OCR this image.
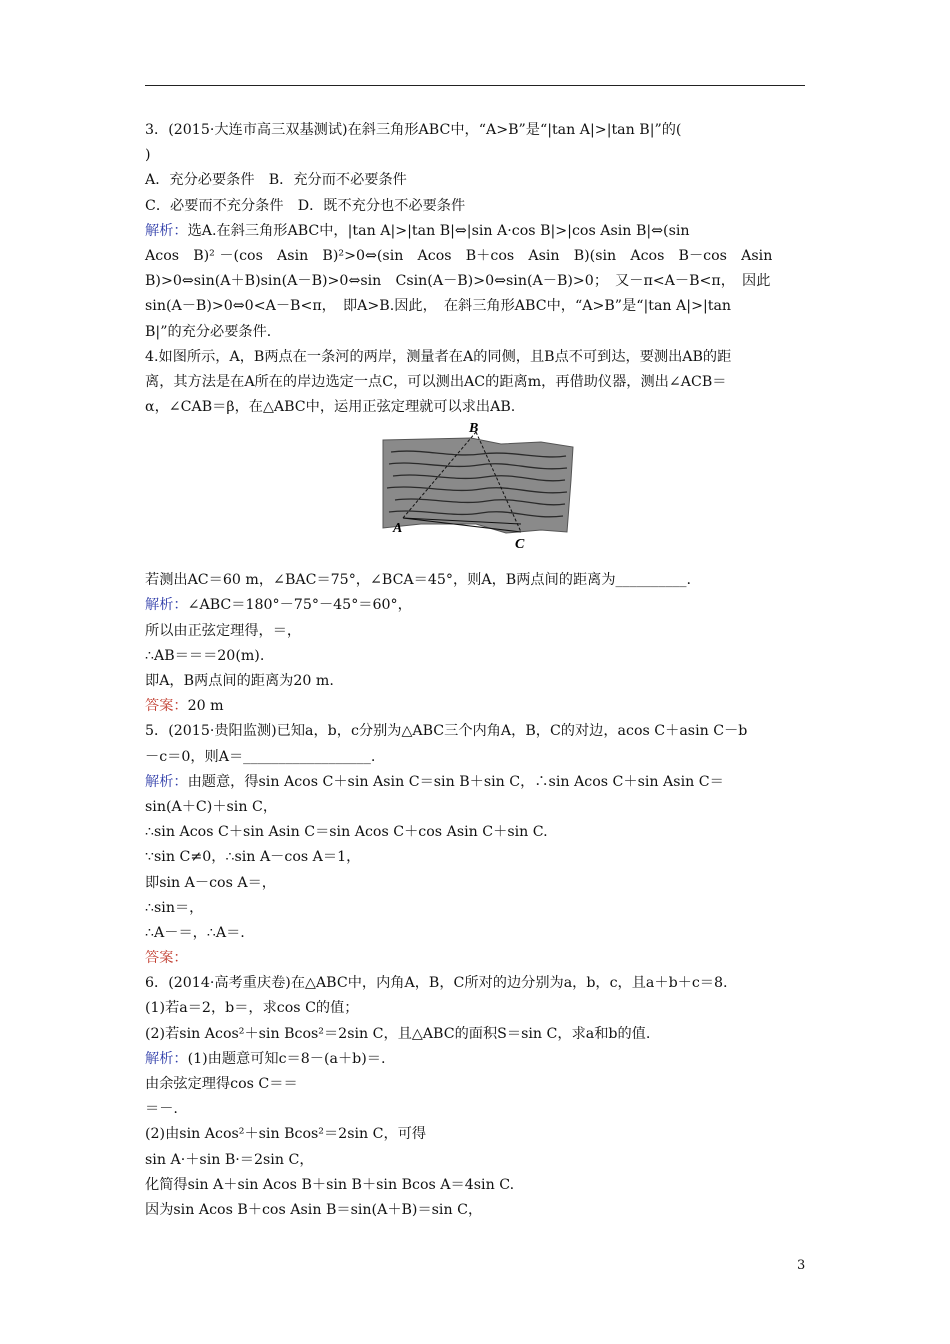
3．(2015·大连市高三双基测试)在斜三角形ABC中，“A>B”是“|tan A|>|tan B|”的(
)
A．充分必要条件　B．充分而不必要条件
C．必要而不充分条件　D．既不充分也不必要条件
解析：选A.在斜三角形ABC中，|tan A|>|tan B|⇔|sin A·cos B|>|cos Asin B|⇔(sin
Acos　B)² －(cos　Asin　B)²>0⇔(sin　Acos　B＋cos　Asin　B)(sin　Acos　B－cos　Asin
B)>0⇔sin(A＋B)sin(A－B)>0⇔sin　Csin(A－B)>0⇔sin(A－B)>0；　又－π<A－B<π，　因此
sin(A－B)>0⇔0<A－B<π，　即A>B.因此，　在斜三角形ABC中，“A>B”是“|tan A|>|tan
B|”的充分必要条件．
4.如图所示，A，B两点在一条河的两岸，测量者在A的同侧，且B点不可到达，要测出AB的距
离，其方法是在A所在的岸边选定一点C，可以测出AC的距离m，再借助仪器，测出∠ACB＝
α，∠CAB＝β，在△ABC中，运用正弦定理就可以求出AB.
B
A
C
若测出AC＝60 m，∠BAC＝75°，∠BCA＝45°，则A，B两点间的距离为__________.
解析：∠ABC＝180°－75°－45°＝60°，
所以由正弦定理得，＝，
∴AB＝＝＝20(m).
即A，B两点间的距离为20 m.
答案：20 m
5．(2015·贵阳监测)已知a，b，c分别为△ABC三个内角A，B，C的对边，acos C＋asin C－b
－c＝0，则A＝__________________.
解析：由题意，得sin Acos C＋sin Asin C＝sin B＋sin C，∴sin Acos C＋sin Asin C＝
sin(A＋C)＋sin C，
∴sin Acos C＋sin Asin C＝sin Acos C＋cos Asin C＋sin C.
∵sin C≠0，∴sin A－cos A＝1，
即sin A－cos A＝，
∴sin＝，
∴A－＝，∴A＝.
答案：
6．(2014·高考重庆卷)在△ABC中，内角A，B，C所对的边分别为a，b，c，且a＋b＋c＝8.
(1)若a＝2，b＝，求cos C的值；
(2)若sin Acos²＋sin Bcos²＝2sin C，且△ABC的面积S＝sin C，求a和b的值.
解析：(1)由题意可知c＝8－(a＋b)＝.
由余弦定理得cos C＝＝
＝－.
(2)由sin Acos²＋sin Bcos²＝2sin C，可得
sin A·＋sin B·＝2sin C，
化简得sin A＋sin Acos B＋sin B＋sin Bcos A＝4sin C.
因为sin Acos B＋cos Asin B＝sin(A＋B)＝sin C，
3
